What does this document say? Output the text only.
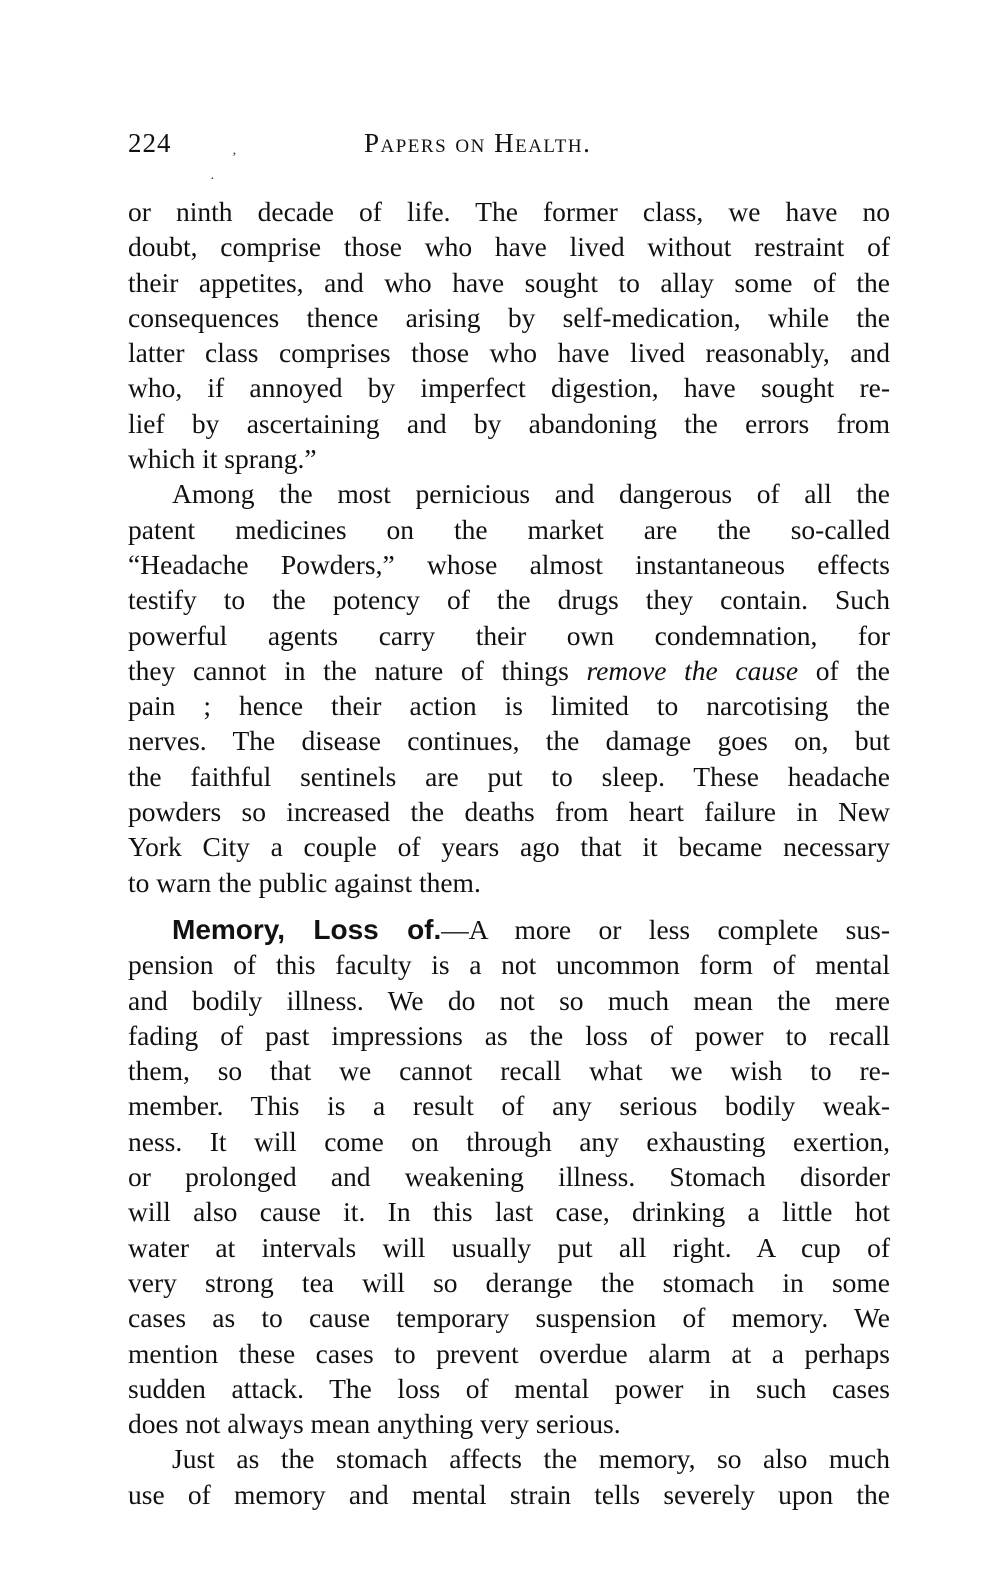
224	Papers on Health.
‚
·
or ninth decade of life. The former class, we have no
doubt, comprise those who have lived without restraint of
their appetites, and who have sought to allay some of the
consequences thence arising by self-medication, while the
latter class comprises those who have lived reasonably, and
who, if annoyed by imperfect digestion, have sought re-
lief by ascertaining and by abandoning the errors from
which it sprang.”
Among the most pernicious and dangerous of all the
patent medicines on the market are the so-called
“Headache Powders,” whose almost instantaneous effects
testify to the potency of the drugs they contain. Such
powerful agents carry their own condemnation, for
they cannot in the nature of things remove the cause of the
pain ; hence their action is limited to narcotising the
nerves. The disease continues, the damage goes on, but
the faithful sentinels are put to sleep. These headache
powders so increased the deaths from heart failure in New
York City a couple of years ago that it became necessary
to warn the public against them.
Memory, Loss of.—A more or less complete sus-
pension of this faculty is a not uncommon form of mental
and bodily illness. We do not so much mean the mere
fading of past impressions as the loss of power to recall
them, so that we cannot recall what we wish to re-
member. This is a result of any serious bodily weak-
ness. It will come on through any exhausting exertion,
or prolonged and weakening illness. Stomach disorder
will also cause it. In this last case, drinking a little hot
water at intervals will usually put all right. A cup of
very strong tea will so derange the stomach in some
cases as to cause temporary suspension of memory. We
mention these cases to prevent overdue alarm at a perhaps
sudden attack. The loss of mental power in such cases
does not always mean anything very serious.
Just as the stomach affects the memory, so also much
use of memory and mental strain tells severely upon the
